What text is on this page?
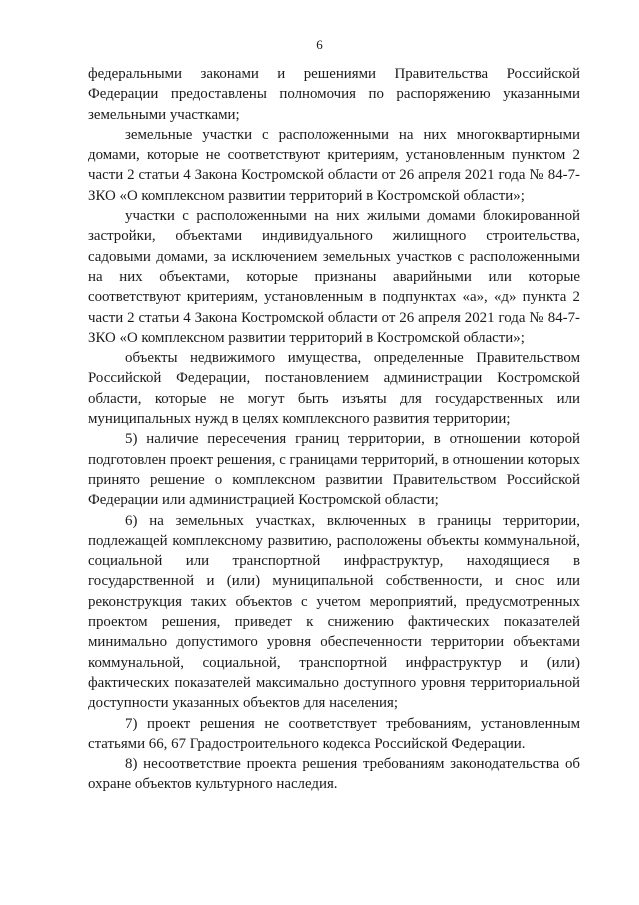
6

федеральными законами и решениями Правительства Российской Федерации предоставлены полномочия по распоряжению указанными земельными участками;

земельные участки с расположенными на них многоквартирными домами, которые не соответствуют критериям, установленным пунктом 2 части 2 статьи 4 Закона Костромской области от 26 апреля 2021 года № 84-7-ЗКО «О комплексном развитии территорий в Костромской области»;

участки с расположенными на них жилыми домами блокированной застройки, объектами индивидуального жилищного строительства, садовыми домами, за исключением земельных участков с расположенными на них объектами, которые признаны аварийными или которые соответствуют критериям, установленным в подпунктах «а», «д» пункта 2 части 2 статьи 4 Закона Костромской области от 26 апреля 2021 года № 84-7-ЗКО «О комплексном развитии территорий в Костромской области»;

объекты недвижимого имущества, определенные Правительством Российской Федерации, постановлением администрации Костромской области, которые не могут быть изъяты для государственных или муниципальных нужд в целях комплексного развития территории;

5) наличие пересечения границ территории, в отношении которой подготовлен проект решения, с границами территорий, в отношении которых принято решение о комплексном развитии Правительством Российской Федерации или администрацией Костромской области;

6) на земельных участках, включенных в границы территории, подлежащей комплексному развитию, расположены объекты коммунальной, социальной или транспортной инфраструктур, находящиеся в государственной и (или) муниципальной собственности, и снос или реконструкция таких объектов с учетом мероприятий, предусмотренных проектом решения, приведет к снижению фактических показателей минимально допустимого уровня обеспеченности территории объектами коммунальной, социальной, транспортной инфраструктур и (или) фактических показателей максимально доступного уровня территориальной доступности указанных объектов для населения;

7) проект решения не соответствует требованиям, установленным статьями 66, 67 Градостроительного кодекса Российской Федерации.

8) несоответствие проекта решения требованиям законодательства об охране объектов культурного наследия.
